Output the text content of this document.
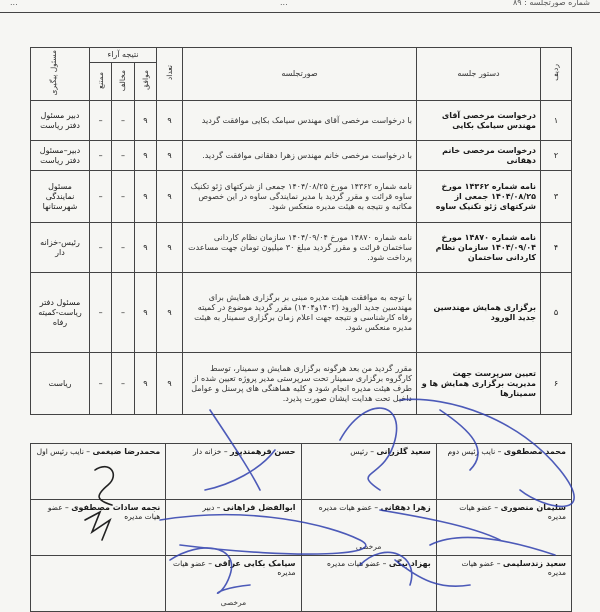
شماره صورتجلسه : ۸۹
...
...
ردیف	دستور جلسه	صورتجلسه	تعداد	نتیجه آراء			مسئول پیگیری
				موافق	مخالف	ممتنع	
۱	درخواست مرخصی آقای مهندس سیامک بکایی	با درخواست مرخصی آقای مهندس سیامک بکایی موافقت گردید	۹	۹	–	–	دبیر مسئول دفتر ریاست
۲	درخواست مرخصی خانم دهقانی	با درخواست مرخصی خانم مهندس زهرا دهقانی موافقت گردید.	۹	۹	–	–	دبیر–مسئول دفتر ریاست
۳	نامه شماره ۱۴۳۶۲ مورخ ۱۴۰۴/۰۸/۲۵ جمعی از شرکتهای ژئو تکنیک ساوه	نامه شماره ۱۴۳۶۲ مورخ ۱۴۰۴/۰۸/۲۵ جمعی از شرکتهای ژئو تکنیک ساوه قرائت و مقرر گردید با مدیر نمایندگی ساوه در این خصوص مکاتبه و نتیجه به هیئت مدیره منعکس شود.	۹	۹	–	–	مسئول نمایندگی شهرستانها
۴	نامه شماره ۱۴۸۷۰ مورخ ۱۴۰۴/۰۹/۰۴ سازمان نظام کاردانی ساختمان	نامه شماره ۱۴۸۷۰ مورخ ۱۴۰۴/۰۹/۰۴ سازمان نظام کاردانی ساختمان قرائت و مقرر گردید مبلغ ۳۰ میلیون تومان جهت مساعدت پرداخت شود.	۹	۹	–	–	رئیس-خزانه دار
۵	برگزاری همایش مهندسین جدید الورود	با توجه به موافقت هیئت مدیره مبنی بر برگزاری همایش برای مهندسین جدید الورود (۱۴۰۳و۱۴۰۴) مقرر گردید موضوع در کمیته رفاه کارشناسی و نتیجه جهت اعلام زمان برگزاری سمینار به هیئت مدیره منعکس شود.	۹	۹	–	–	مسئول دفتر ریاست-کمیته رفاه
۶	تعیین سرپرست جهت مدیریت برگزاری همایش ها و سمینارها	مقرر گردید من بعد هرگونه برگزاری همایش و سمینار، توسط کارگروه برگزاری سمینار تحت سرپرستی مدیر پروژه تعیین شده از طرف هیئت مدیره انجام شود و کلیه هماهنگی های پرسنل و عوامل داخیل تحت هدایت ایشان صورت پذیرد.	۹	۹	–	–	ریاست
محمد مصطفوی – نایب رئیس دوم	سعید گلزرانی – رئیس	حسن فرهمندپور – خزانه دار	محمدرضا ضیغمی – نایب رئیس اول

سلیمان منصوری – عضو هیات مدیره	زهرا دهقانی – عضو هیات مدیره
مرخصی	ابوالفضل فراهانی – دبیر	نجمه سادات مصطفوی – عضو هیات مدیره

سعید زندسلیمی – عضو هیات مدیره	بهزاد بیگی – عضو هیات مدیره	سیامک بکایی عراقی – عضو هیات مدیره
مرخصی	
